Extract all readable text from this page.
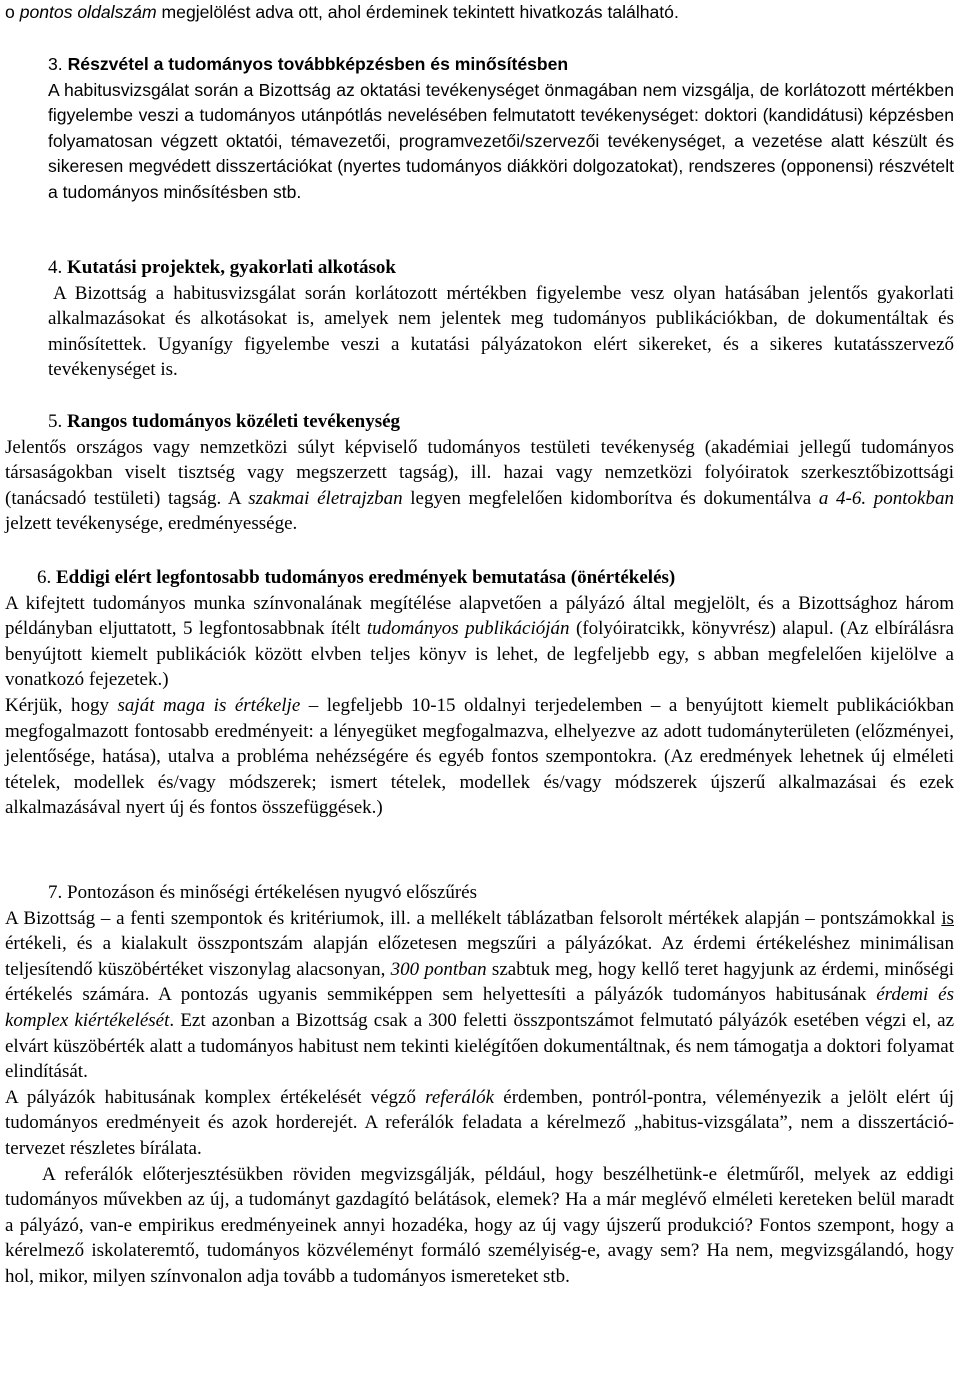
o pontos oldalszám megjelölést adva ott, ahol érdeminek tekintett hivatkozás található.

3. Részvétel a tudományos továbbképzésben és minősítésben

A habitusvizsgálat során a Bizottság az oktatási tevékenységet önmagában nem vizsgálja, de korlátozott mértékben figyelembe veszi a tudományos utánpótlás nevelésében felmutatott tevékenységet: doktori (kandidátusi) képzésben folyamatosan végzett oktatói, témavezetői, programvezetői/szervezői tevékenységet, a vezetése alatt készült és sikeresen megvédett disszertációkat (nyertes tudományos diákköri dolgozatokat), rendszeres (opponensi) részvételt a tudományos minősítésben stb.

4. Kutatási projektek, gyakorlati alkotások

A Bizottság a habitusvizsgálat során korlátozott mértékben figyelembe vesz olyan hatásában jelentős gyakorlati alkalmazásokat és alkotásokat is, amelyek nem jelentek meg tudományos publikációkban, de dokumentáltak és minősítettek. Ugyanígy figyelembe veszi a kutatási pályázatokon elért sikereket, és a sikeres kutatásszervező tevékenységet is.

5. Rangos tudományos közéleti tevékenység

Jelentős országos vagy nemzetközi súlyt képviselő tudományos testületi tevékenység (akadémiai jellegű tudományos társaságokban viselt tisztség vagy megszerzett tagság), ill. hazai vagy nemzetközi folyóiratok szerkesztőbizottsági (tanácsadó testületi) tagság. A szakmai életrajzban legyen megfelelően kidomborítva és dokumentálva a 4-6. pontokban jelzett tevékenysége, eredményessége.

6. Eddigi elért legfontosabb tudományos eredmények bemutatása (önértékelés)

A kifejtett tudományos munka színvonalának megítélése alapvetően a pályázó által megjelölt, és a Bizottsághoz három példányban eljuttatott, 5 legfontosabbnak ítélt tudományos publikációján (folyóiratcikk, könyvrész) alapul. (Az elbírálásra benyújtott kiemelt publikációk között elvben teljes könyv is lehet, de legfeljebb egy, s abban megfelelően kijelölve a vonatkozó fejezetek.)

Kérjük, hogy saját maga is értékelje – legfeljebb 10-15 oldalnyi terjedelemben – a benyújtott kiemelt publikációkban megfogalmazott fontosabb eredményeit: a lényegüket megfogalmazva, elhelyezve az adott tudományterületen (előzményei, jelentősége, hatása), utalva a probléma nehézségére és egyéb fontos szempontokra. (Az eredmények lehetnek új elméleti tételek, modellek és/vagy módszerek; ismert tételek, modellek és/vagy módszerek újszerű alkalmazásai és ezek alkalmazásával nyert új és fontos összefüggések.)

7. Pontozáson és minőségi értékelésen nyugvó előszűrés

A Bizottság – a fenti szempontok és kritériumok, ill. a mellékelt táblázatban felsorolt mértékek alapján – pontszámokkal is értékeli, és a kialakult összpontszám alapján előzetesen megszűri a pályázókat. Az érdemi értékeléshez minimálisan teljesítendő küszöbértéket viszonylag alacsonyan, 300 pontban szabtuk meg, hogy kellő teret hagyjunk az érdemi, minőségi értékelés számára. A pontozás ugyanis semmiképpen sem helyettesíti a pályázók tudományos habitusának érdemi és komplex kiértékelését. Ezt azonban a Bizottság csak a 300 feletti összpontszámot felmutató pályázók esetében végzi el, az elvárt küszöbérték alatt a tudományos habitust nem tekinti kielégítően dokumentáltnak, és nem támogatja a doktori folyamat elindítását.

A pályázók habitusának komplex értékelését végző referálók érdemben, pontról-pontra, véleményezik a jelölt elért új tudományos eredményeit és azok horderejét. A referálók feladata a kérelmező „habitus-vizsgálata”, nem a disszertáció-tervezet részletes bírálata.

A referálók előterjesztésükben röviden megvizsgálják, például, hogy beszélhetünk-e életműről, melyek az eddigi tudományos művekben az új, a tudományt gazdagító belátások, elemek? Ha a már meglévő elméleti kereteken belül maradt a pályázó, van-e empirikus eredményeinek annyi hozadéka, hogy az új vagy újszerű produkció? Fontos szempont, hogy a kérelmező iskolateremtő, tudományos közvéleményt formáló személyiség-e, avagy sem? Ha nem, megvizsgálandó, hogy hol, mikor, milyen színvonalon adja tovább a tudományos ismereteket stb.
